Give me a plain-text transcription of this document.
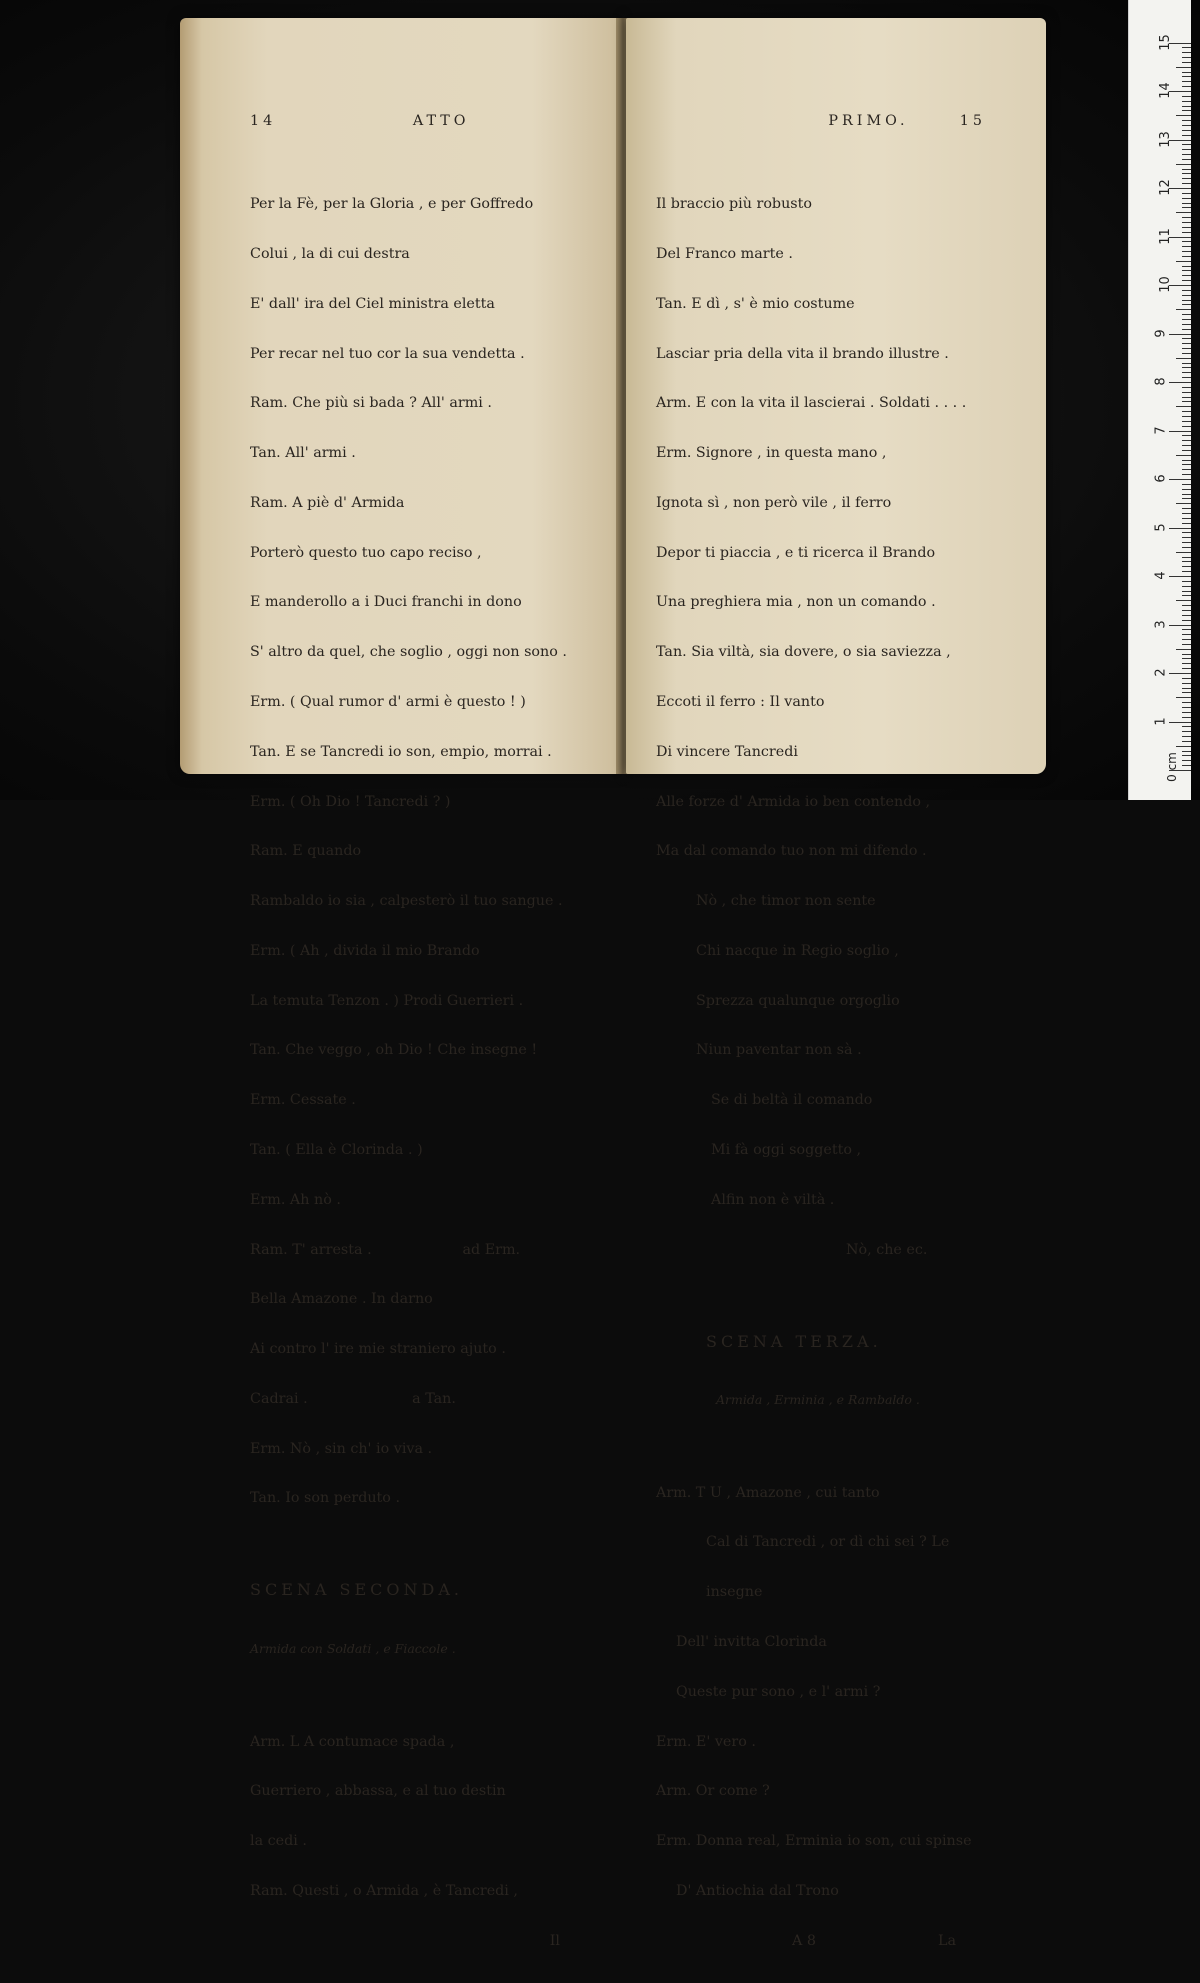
14	ATTO

Per la Fè, per la Gloria , e per Goffredo

Colui , la di cui destra

E' dall' ira del Ciel ministra eletta

Per recar nel tuo cor la sua vendetta .

Ram. Che più si bada ? All' armi .

Tan. All' armi .

Ram. A piè d' Armida

Porterò questo tuo capo reciso ,

E manderollo a i Duci franchi in dono

S' altro da quel, che soglio , oggi non sono .

Erm. ( Qual rumor d' armi è questo ! )

Tan. E se Tancredi io son, empio, morrai .

Erm. ( Oh Dio ! Tancredi ? )

Ram. E quando

Rambaldo io sia , calpesterò il tuo sangue .

Erm. ( Ah , divida il mio Brando

La temuta Tenzon . ) Prodi Guerrieri .

Tan. Che veggo , oh Dio ! Che insegne !

Erm. Cessate .

Tan. ( Ella è Clorinda . )

Erm. Ah nò .

Ram. T' arresta .                    ad Erm.

Bella Amazone . In darno

Ai contro l' ire mie straniero ajuto .

Cadrai .                       a Tan.

Erm. Nò , sin ch' io viva .

Tan. Io son perduto .

SCENA SECONDA.

Armida con Soldati , e Fiaccole .

Arm. L A contumace spada ,

Guerriero , abbassa, e al tuo destin

la cedi .

Ram. Questi , o Armida , è Tancredi ,

Il

PRIMO.	15

Il braccio più robusto

Del Franco marte .

Tan. E dì , s' è mio costume

Lasciar pria della vita il brando illustre .

Arm. E con la vita il lascierai . Soldati . . . .

Erm. Signore , in questa mano ,

Ignota sì , non però vile , il ferro

Depor ti piaccia , e ti ricerca il Brando

Una preghiera mia , non un comando .

Tan. Sia viltà, sia dovere, o sia saviezza ,

Eccoti il ferro : Il vanto

Di vincere Tancredi

Alle forze d' Armida io ben contendo ,

Ma dal comando tuo non mi difendo .

Nò , che timor non sente

Chi nacque in Regio soglio ,

Sprezza qualunque orgoglio

Niun paventar non sà .

Se di beltà il comando

Mi fà oggi soggetto ,

Alfin non è viltà .

Nò, che ec.

SCENA TERZA.

Armida , Erminia , e Rambaldo .

Arm. T U , Amazone , cui tanto

Cal di Tancredi , or dì chi sei ? Le

insegne

Dell' invitta Clorinda

Queste pur sono , e l' armi ?

Erm. E' vero .

Arm. Or come ?

Erm. Donna real, Erminia io son, cui spinse

D' Antiochia dal Trono

A 8	La

1
2
3
4
5
6
7
8
9
10
11
12
13
14
15
0 cm
